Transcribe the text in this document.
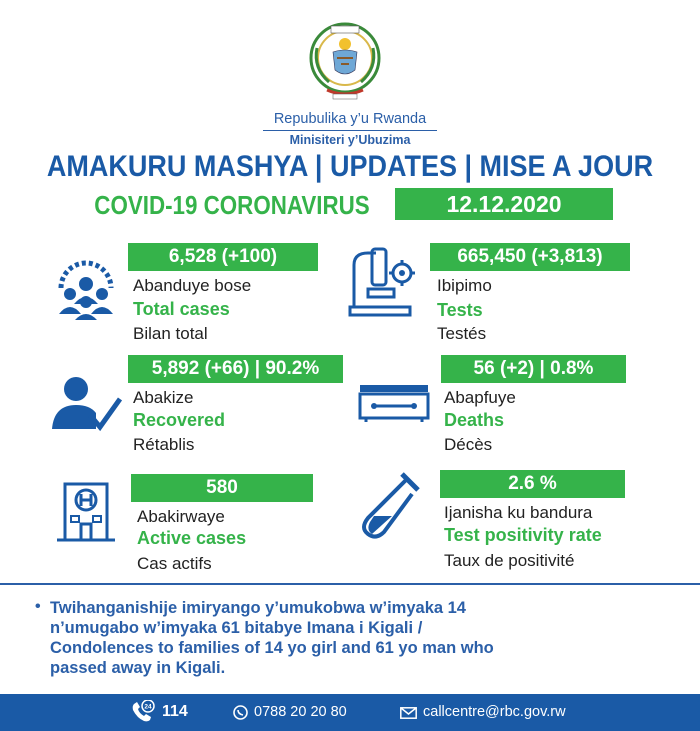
Repubulika y’u Rwanda
Minisiteri y’Ubuzima
AMAKURU MASHYA | UPDATES | MISE A JOUR
COVID-19 CORONAVIRUS	12.12.2020
6,528 (+100)
Abanduye bose
Total cases
Bilan total
665,450 (+3,813)
Ibipimo
Tests
Testés
5,892 (+66) | 90.2%
Abakize
Recovered
Rétablis
56 (+2) | 0.8%
Abapfuye
Deaths
Décès
580
Abakirwaye
Active cases
Cas actifs
2.6 %
Ijanisha ku bandura
Test positivity rate
Taux de positivité
• Twihanganishije imiryango y’umukobwa w’imyaka 14
n’umugabo w’imyaka 61 bitabye Imana i Kigali /
Condolences to families of 14 yo girl and 61 yo man who
passed away in Kigali.
24 114	0788 20 20 80	callcentre@rbc.gov.rw
